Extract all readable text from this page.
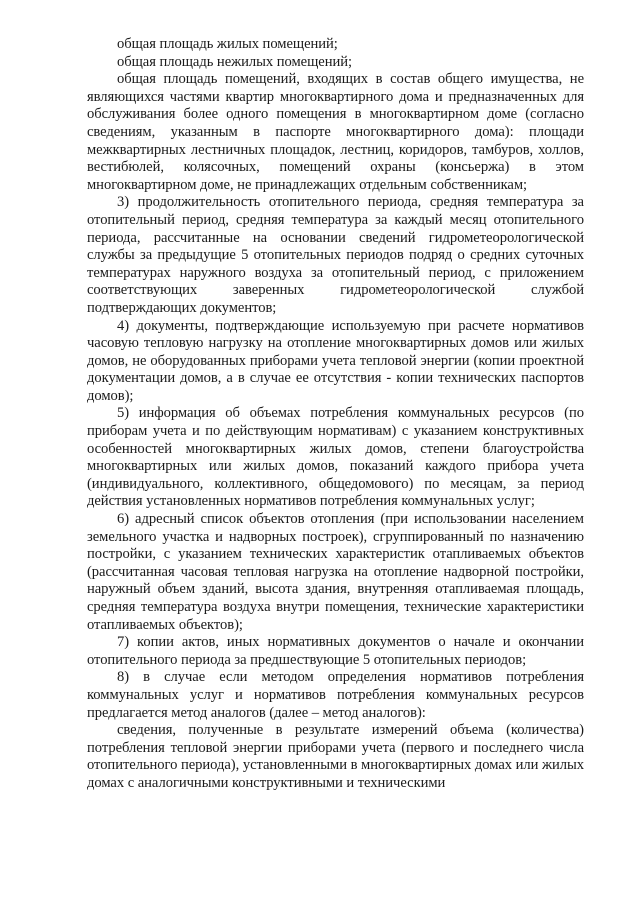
общая площадь жилых помещений;

общая площадь нежилых помещений;

общая площадь помещений, входящих в состав общего имущества, не являющихся частями квартир многоквартирного дома и предназначенных для обслуживания более одного помещения в многоквартирном доме (согласно сведениям, указанным в паспорте многоквартирного дома): площади межквартирных лестничных площадок, лестниц, коридоров, тамбуров, холлов, вестибюлей, колясочных, помещений охраны (консьержа) в этом многоквартирном доме, не принадлежащих отдельным собственникам;

3) продолжительность отопительного периода, средняя температура за отопительный период, средняя температура за каждый месяц отопительного периода, рассчитанные на основании сведений гидрометеорологической службы за предыдущие 5 отопительных периодов подряд о средних суточных температурах наружного воздуха за отопительный период, с приложением соответствующих заверенных гидрометеорологической службой подтверждающих документов;

4) документы, подтверждающие используемую при расчете нормативов часовую тепловую нагрузку на отопление многоквартирных домов или жилых домов, не оборудованных приборами учета тепловой энергии (копии проектной документации домов, а в случае ее отсутствия - копии технических паспортов домов);

5) информация об объемах потребления коммунальных ресурсов (по приборам учета и по действующим нормативам) с указанием конструктивных особенностей многоквартирных жилых домов, степени благоустройства многоквартирных или жилых домов, показаний каждого прибора учета (индивидуального, коллективного, общедомового) по месяцам, за период действия установленных нормативов потребления коммунальных услуг;

6) адресный список объектов отопления (при использовании населением земельного участка и надворных построек), сгруппированный по назначению постройки, с указанием технических характеристик отапливаемых объектов (рассчитанная часовая тепловая нагрузка на отопление надворной постройки, наружный объем зданий, высота здания, внутренняя отапливаемая площадь, средняя температура воздуха внутри помещения, технические характеристики отапливаемых объектов);

7) копии актов, иных нормативных документов о начале и окончании отопительного периода за предшествующие 5 отопительных периодов;

8) в случае если методом определения нормативов потребления коммунальных услуг и нормативов потребления коммунальных ресурсов предлагается метод аналогов (далее – метод аналогов):

сведения, полученные в результате измерений объема (количества) потребления тепловой энергии приборами учета (первого и последнего числа отопительного периода), установленными в многоквартирных домах или жилых домах с аналогичными конструктивными и техническими
